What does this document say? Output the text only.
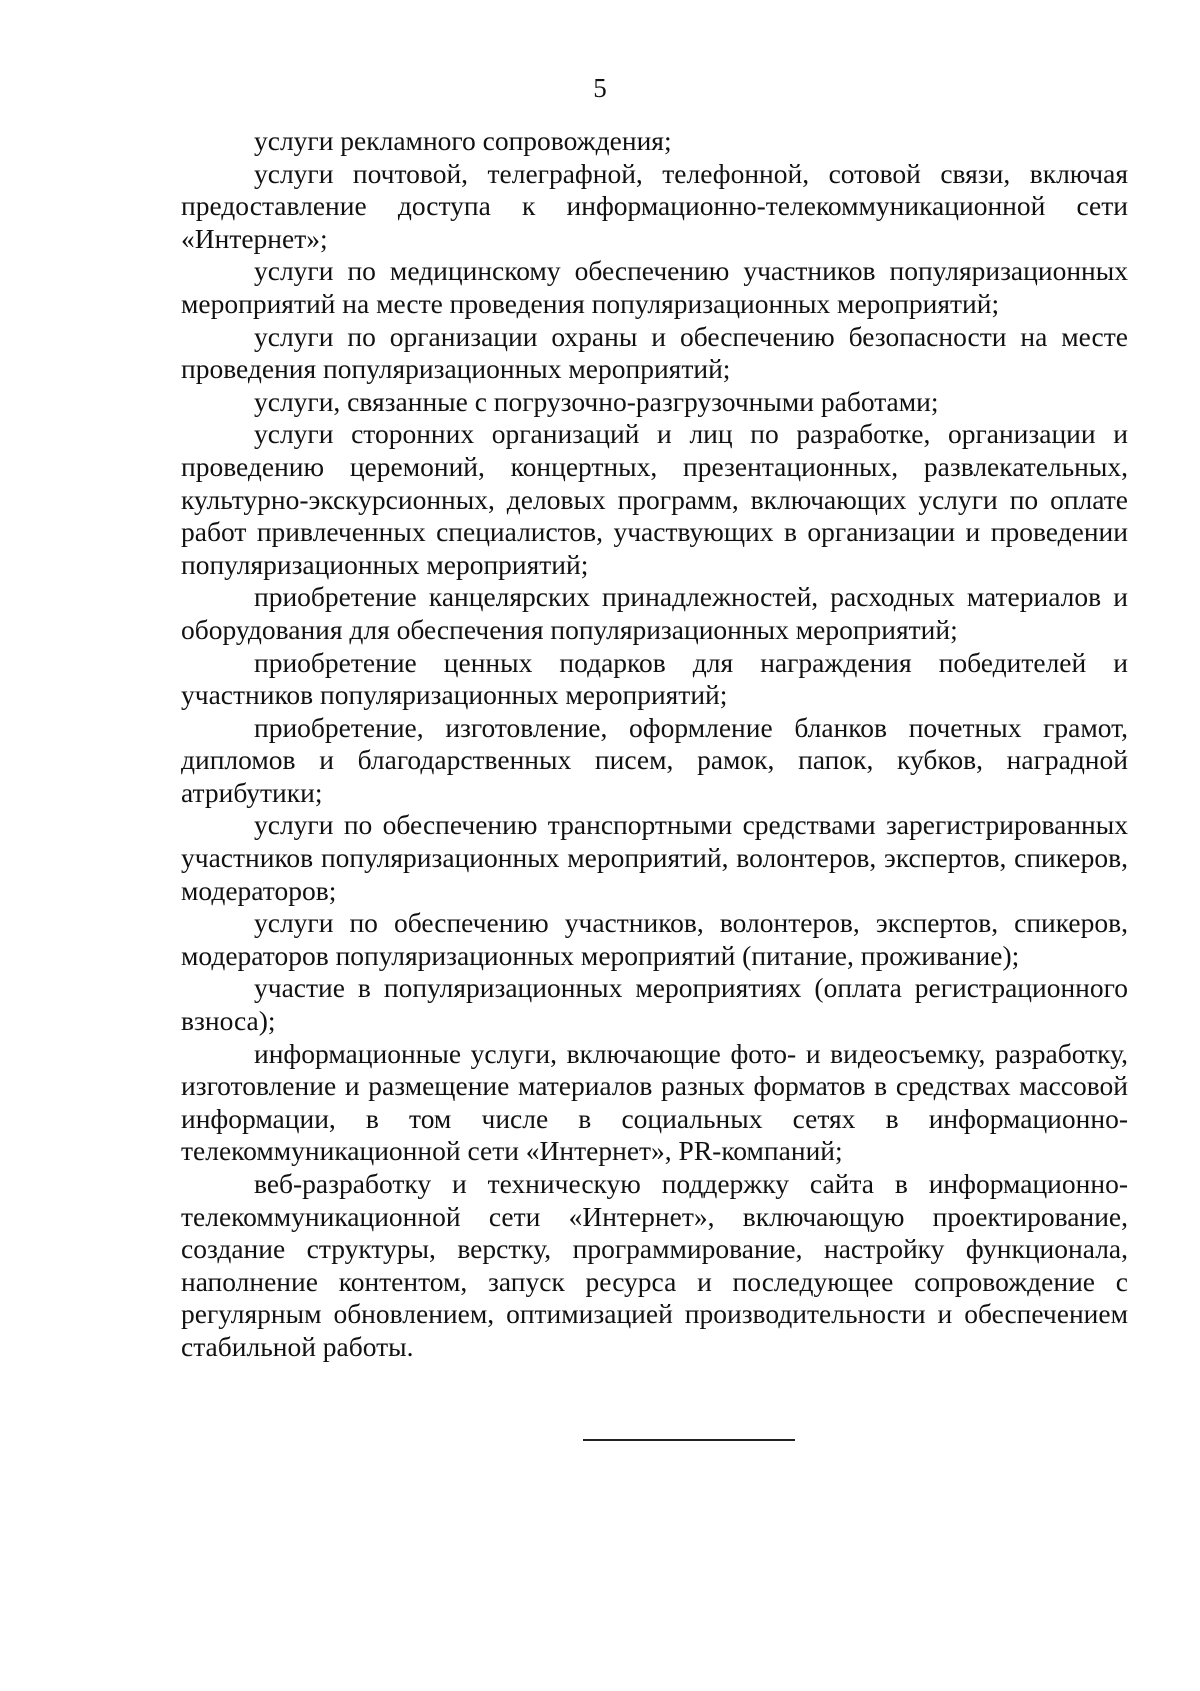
5

услуги рекламного сопровождения;

услуги почтовой, телеграфной, телефонной, сотовой связи, включая предоставление доступа к информационно-телекоммуникационной сети «Интернет»;

услуги по медицинскому обеспечению участников популяризационных мероприятий на месте проведения популяризационных мероприятий;

услуги по организации охраны и обеспечению безопасности на месте проведения популяризационных мероприятий;

услуги, связанные с погрузочно-разгрузочными работами;

услуги сторонних организаций и лиц по разработке, организации и проведению церемоний, концертных, презентационных, развлекательных, культурно-экскурсионных, деловых программ, включающих услуги по оплате работ привлеченных специалистов, участвующих в организации и проведении популяризационных мероприятий;

приобретение канцелярских принадлежностей, расходных материалов и оборудования для обеспечения популяризационных мероприятий;

приобретение ценных подарков для награждения победителей и участников популяризационных мероприятий;

приобретение, изготовление, оформление бланков почетных грамот, дипломов и благодарственных писем, рамок, папок, кубков, наградной атрибутики;

услуги по обеспечению транспортными средствами зарегистрированных участников популяризационных мероприятий, волонтеров, экспертов, спикеров, модераторов;

услуги по обеспечению участников, волонтеров, экспертов, спикеров, модераторов популяризационных мероприятий (питание, проживание);

участие в популяризационных мероприятиях (оплата регистрационного взноса);

информационные услуги, включающие фото- и видеосъемку, разработку, изготовление и размещение материалов разных форматов в средствах массовой информации, в том числе в социальных сетях в информационно-телекоммуникационной сети «Интернет», PR-компаний;

веб-разработку и техническую поддержку сайта в информационно-телекоммуникационной сети «Интернет», включающую проектирование, создание структуры, верстку, программирование, настройку функционала, наполнение контентом, запуск ресурса и последующее сопровождение с регулярным обновлением, оптимизацией производительности и обеспечением стабильной работы.
